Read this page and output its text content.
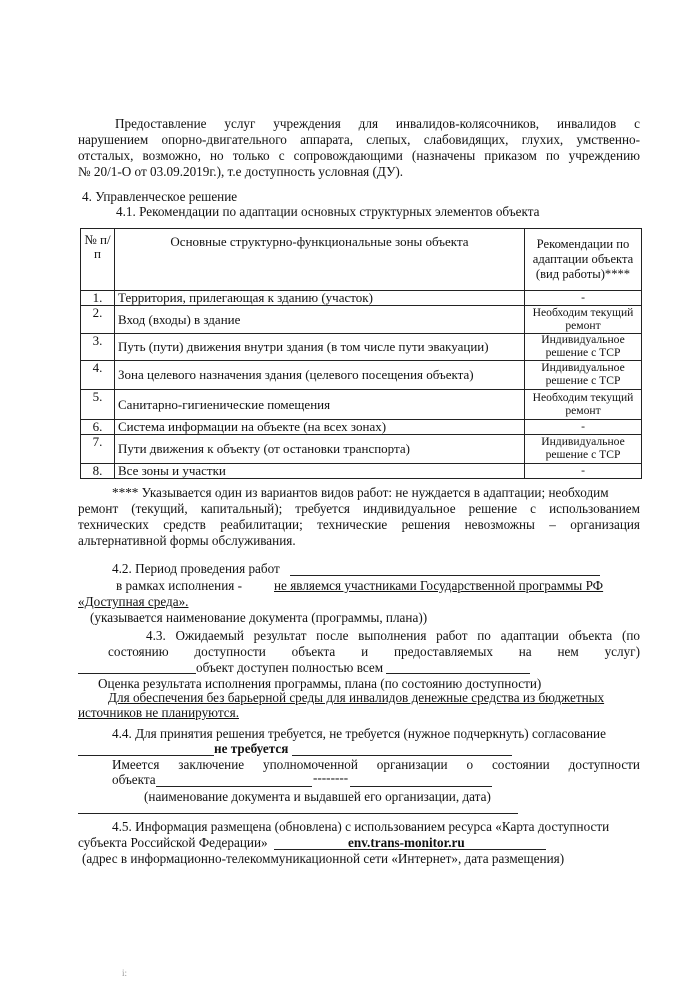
Предоставление услуг учреждения для инвалидов-колясочников, инвалидов с
нарушением опорно-двигательного аппарата, слепых, слабовидящих, глухих, умственно-
отсталых, возможно, но только с сопровождающими (назначены приказом по учреждению
№ 20/1-О от 03.09.2019г.), т.е доступность условная (ДУ).
4. Управленческое решение
4.1. Рекомендации по адаптации основных структурных элементов объекта
№ п/п	Основные структурно-функциональные зоны объекта	Рекомендации по адаптации объекта (вид работы)****
1.	Территория, прилегающая к зданию (участок)	-
2.	Вход (входы) в здание	Необходим текущий ремонт
3.	Путь (пути) движения внутри здания (в том числе пути эвакуации)	Индивидуальное решение с ТСР
4.	Зона целевого назначения здания (целевого посещения объекта)	Индивидуальное решение с ТСР
5.	Санитарно-гигиенические помещения	Необходим текущий ремонт
6.	Система информации на объекте (на всех зонах)	-
7.	Пути движения к объекту (от остановки транспорта)	Индивидуальное решение с ТСР
8.	Все зоны и участки	-
**** Указывается один из вариантов видов работ: не нуждается в адаптации; необходим
ремонт (текущий, капитальный); требуется индивидуальное решение с использованием
технических средств реабилитации; технические решения невозможны – организация
альтернативной формы обслуживания.
4.2. Период проведения работ
в рамках исполнения - не являемся участниками Государственной программы РФ
«Доступная среда».
(указывается наименование документа (программы, плана))
4.3. Ожидаемый результат после выполнения работ по адаптации объекта (по
состоянию доступности объекта и предоставляемых на нем услуг)
объект доступен полностью всем
Оценка результата исполнения программы, плана (по состоянию доступности)
Для обеспечения без барьерной среды для инвалидов денежные средства из бюджетных
источников не планируются.
4.4. Для принятия решения требуется, не требуется (нужное подчеркнуть) согласование
не требуется
Имеется заключение уполномоченной организации о состоянии доступности
объекта	--------
(наименование документа и выдавшей его организации, дата)
4.5. Информация размещена (обновлена) с использованием ресурса «Карта доступности
субъекта Российской Федерации»	env.trans-monitor.ru
(адрес в информационно-телекоммуникационной сети «Интернет», дата размещения)
i:
